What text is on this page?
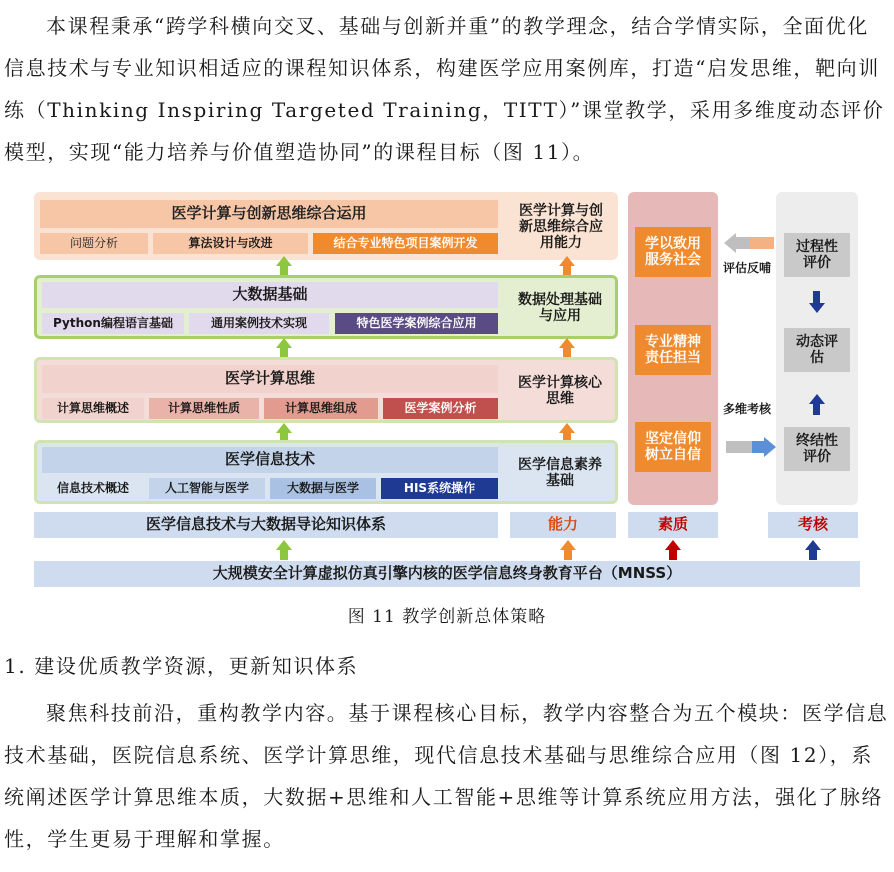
本课程秉承“跨学科横向交叉、基础与创新并重”的教学理念，结合学情实际，全面优化信息技术与专业知识相适应的课程知识体系，构建医学应用案例库，打造“启发思维，靶向训练（Thinking Inspiring Targeted Training，TITT）”课堂教学，采用多维度动态评价模型，实现“能力培养与价值塑造协同”的课程目标（图 11）。

医学计算与创新思维综合运用
问题分析	算法设计与改进	结合专业特色项目案例开发
医学计算与创新思维综合应用能力
大数据基础
Python编程语言基础	通用案例技术实现	特色医学案例综合应用
数据处理基础与应用
医学计算思维
计算思维概述	计算思维性质	计算思维组成	医学案例分析
医学计算核心思维
医学信息技术
信息技术概述	人工智能与医学	大数据与医学	HIS系统操作
医学信息素养基础
学以致用服务社会
专业精神责任担当
坚定信仰树立自信
过程性评价
动态评估
终结性评价
评估反哺
多维考核
医学信息技术与大数据导论知识体系	能力	素质	考核
大规模安全计算虚拟仿真引擎内核的医学信息终身教育平台（MNSS）
图 11 教学创新总体策略
1. 建设优质教学资源，更新知识体系

聚焦科技前沿，重构教学内容。基于课程核心目标，教学内容整合为五个模块：医学信息技术基础，医院信息系统、医学计算思维，现代信息技术基础与思维综合应用（图 12），系统阐述医学计算思维本质，大数据+思维和人工智能+思维等计算系统应用方法，强化了脉络性，学生更易于理解和掌握。
